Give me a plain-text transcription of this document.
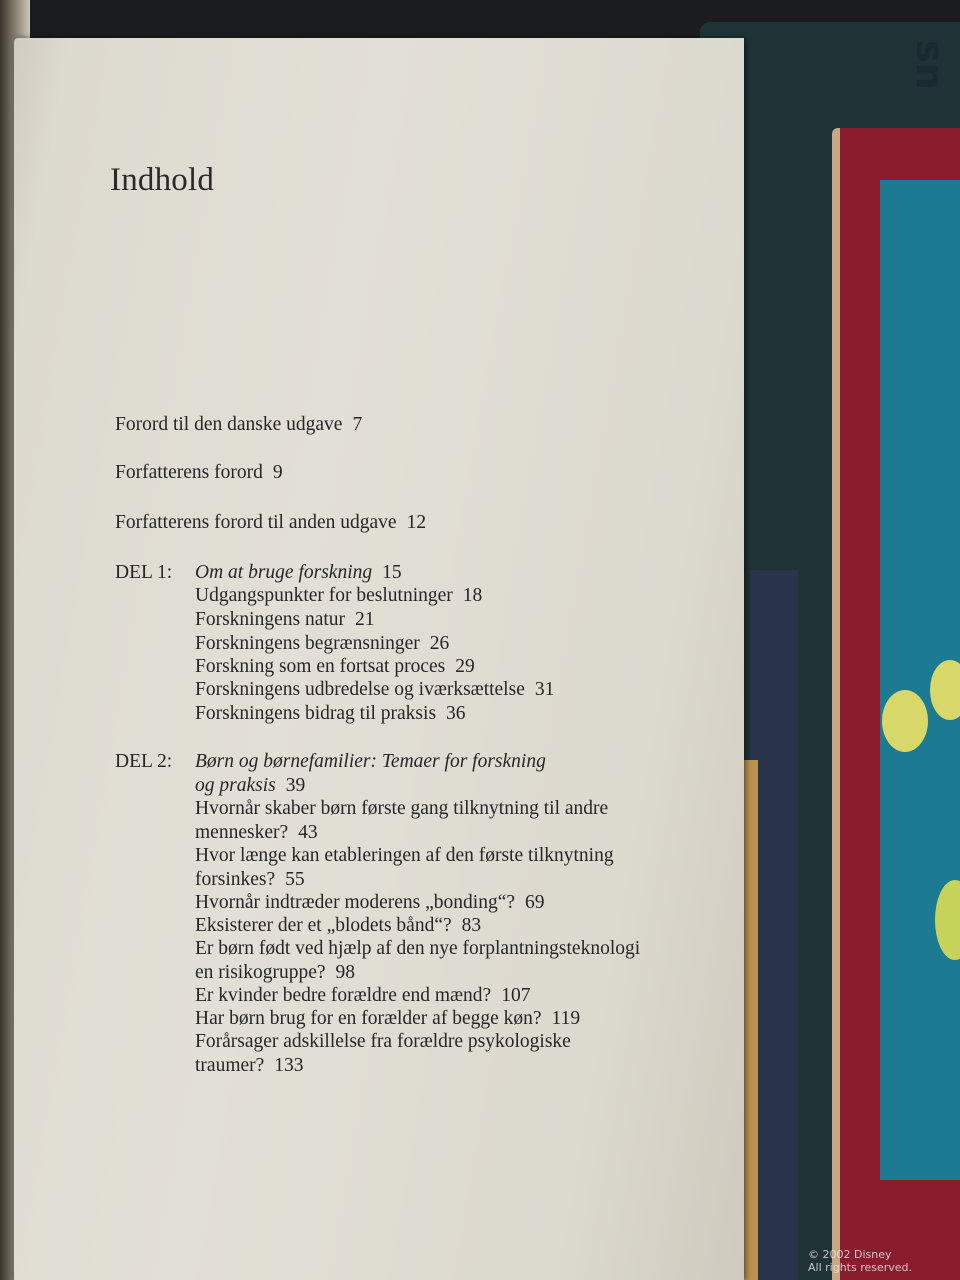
sn
© 2002 Disney
All rights reserved.
Indhold
Forord til den danske udgave 7
Forfatterens forord 9
Forfatterens forord til anden udgave 12
DEL 1: Om at bruge forskning 15
Udgangspunkter for beslutninger 18
Forskningens natur 21
Forskningens begrænsninger 26
Forskning som en fortsat proces 29
Forskningens udbredelse og iværksættelse 31
Forskningens bidrag til praksis 36
DEL 2: Børn og børnefamilier: Temaer for forskning
og praksis 39
Hvornår skaber børn første gang tilknytning til andre
mennesker? 43
Hvor længe kan etableringen af den første tilknytning
forsinkes? 55
Hvornår indtræder moderens „bonding“? 69
Eksisterer der et „blodets bånd“? 83
Er børn født ved hjælp af den nye forplantningsteknologi
en risikogruppe? 98
Er kvinder bedre forældre end mænd? 107
Har børn brug for en forælder af begge køn? 119
Forårsager adskillelse fra forældre psykologiske
traumer? 133
